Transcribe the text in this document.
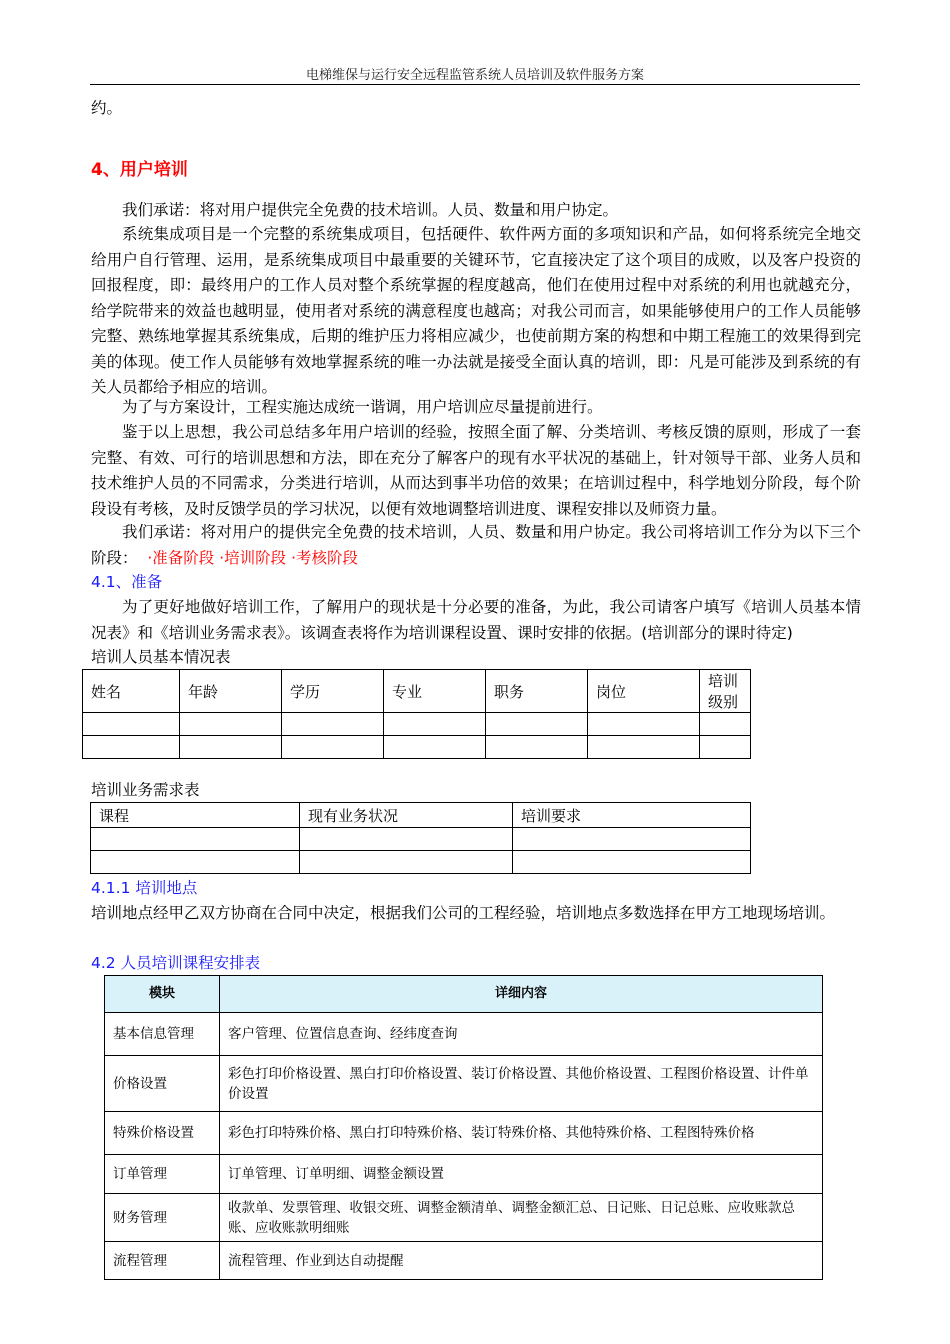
电梯维保与运行安全远程监管系统人员培训及软件服务方案

约。

4、用户培训

我们承诺：将对用户提供完全免费的技术培训。人员、数量和用户协定。

系统集成项目是一个完整的系统集成项目，包括硬件、软件两方面的多项知识和产品，如何将系统完全地交给用户自行管理、运用，是系统集成项目中最重要的关键环节，它直接决定了这个项目的成败，以及客户投资的回报程度，即：最终用户的工作人员对整个系统掌握的程度越高，他们在使用过程中对系统的利用也就越充分，给学院带来的效益也越明显，使用者对系统的满意程度也越高；对我公司而言，如果能够使用户的工作人员能够完整、熟练地掌握其系统集成，后期的维护压力将相应减少，也使前期方案的构想和中期工程施工的效果得到完美的体现。使工作人员能够有效地掌握系统的唯一办法就是接受全面认真的培训，即：凡是可能涉及到系统的有关人员都给予相应的培训。

为了与方案设计，工程实施达成统一谐调，用户培训应尽量提前进行。

鉴于以上思想，我公司总结多年用户培训的经验，按照全面了解、分类培训、考核反馈的原则，形成了一套完整、有效、可行的培训思想和方法，即在充分了解客户的现有水平状况的基础上，针对领导干部、业务人员和技术维护人员的不同需求，分类进行培训，从而达到事半功倍的效果；在培训过程中，科学地划分阶段，每个阶段设有考核，及时反馈学员的学习状况，以便有效地调整培训进度、课程安排以及师资力量。

我们承诺：将对用户的提供完全免费的技术培训，人员、数量和用户协定。我公司将培训工作分为以下三个阶段： ·准备阶段 ·培训阶段 ·考核阶段

4.1、准备

为了更好地做好培训工作，了解用户的现状是十分必要的准备，为此，我公司请客户填写《培训人员基本情况表》和《培训业务需求表》。该调查表将作为培训课程设置、课时安排的依据。(培训部分的课时待定)

培训人员基本情况表

姓名	年龄	学历	专业	职务	岗位	培训级别

培训业务需求表

课程	现有业务状况	培训要求

4.1.1 培训地点

培训地点经甲乙双方协商在合同中决定，根据我们公司的工程经验，培训地点多数选择在甲方工地现场培训。

4.2 人员培训课程安排表

模块	详细内容
基本信息管理	客户管理、位置信息查询、经纬度查询
价格设置	彩色打印价格设置、黑白打印价格设置、装订价格设置、其他价格设置、工程图价格设置、计件单价设置
特殊价格设置	彩色打印特殊价格、黑白打印特殊价格、装订特殊价格、其他特殊价格、工程图特殊价格
订单管理	订单管理、订单明细、调整金额设置
财务管理	收款单、发票管理、收银交班、调整金额清单、调整金额汇总、日记账、日记总账、应收账款总账、应收账款明细账
流程管理	流程管理、作业到达自动提醒
